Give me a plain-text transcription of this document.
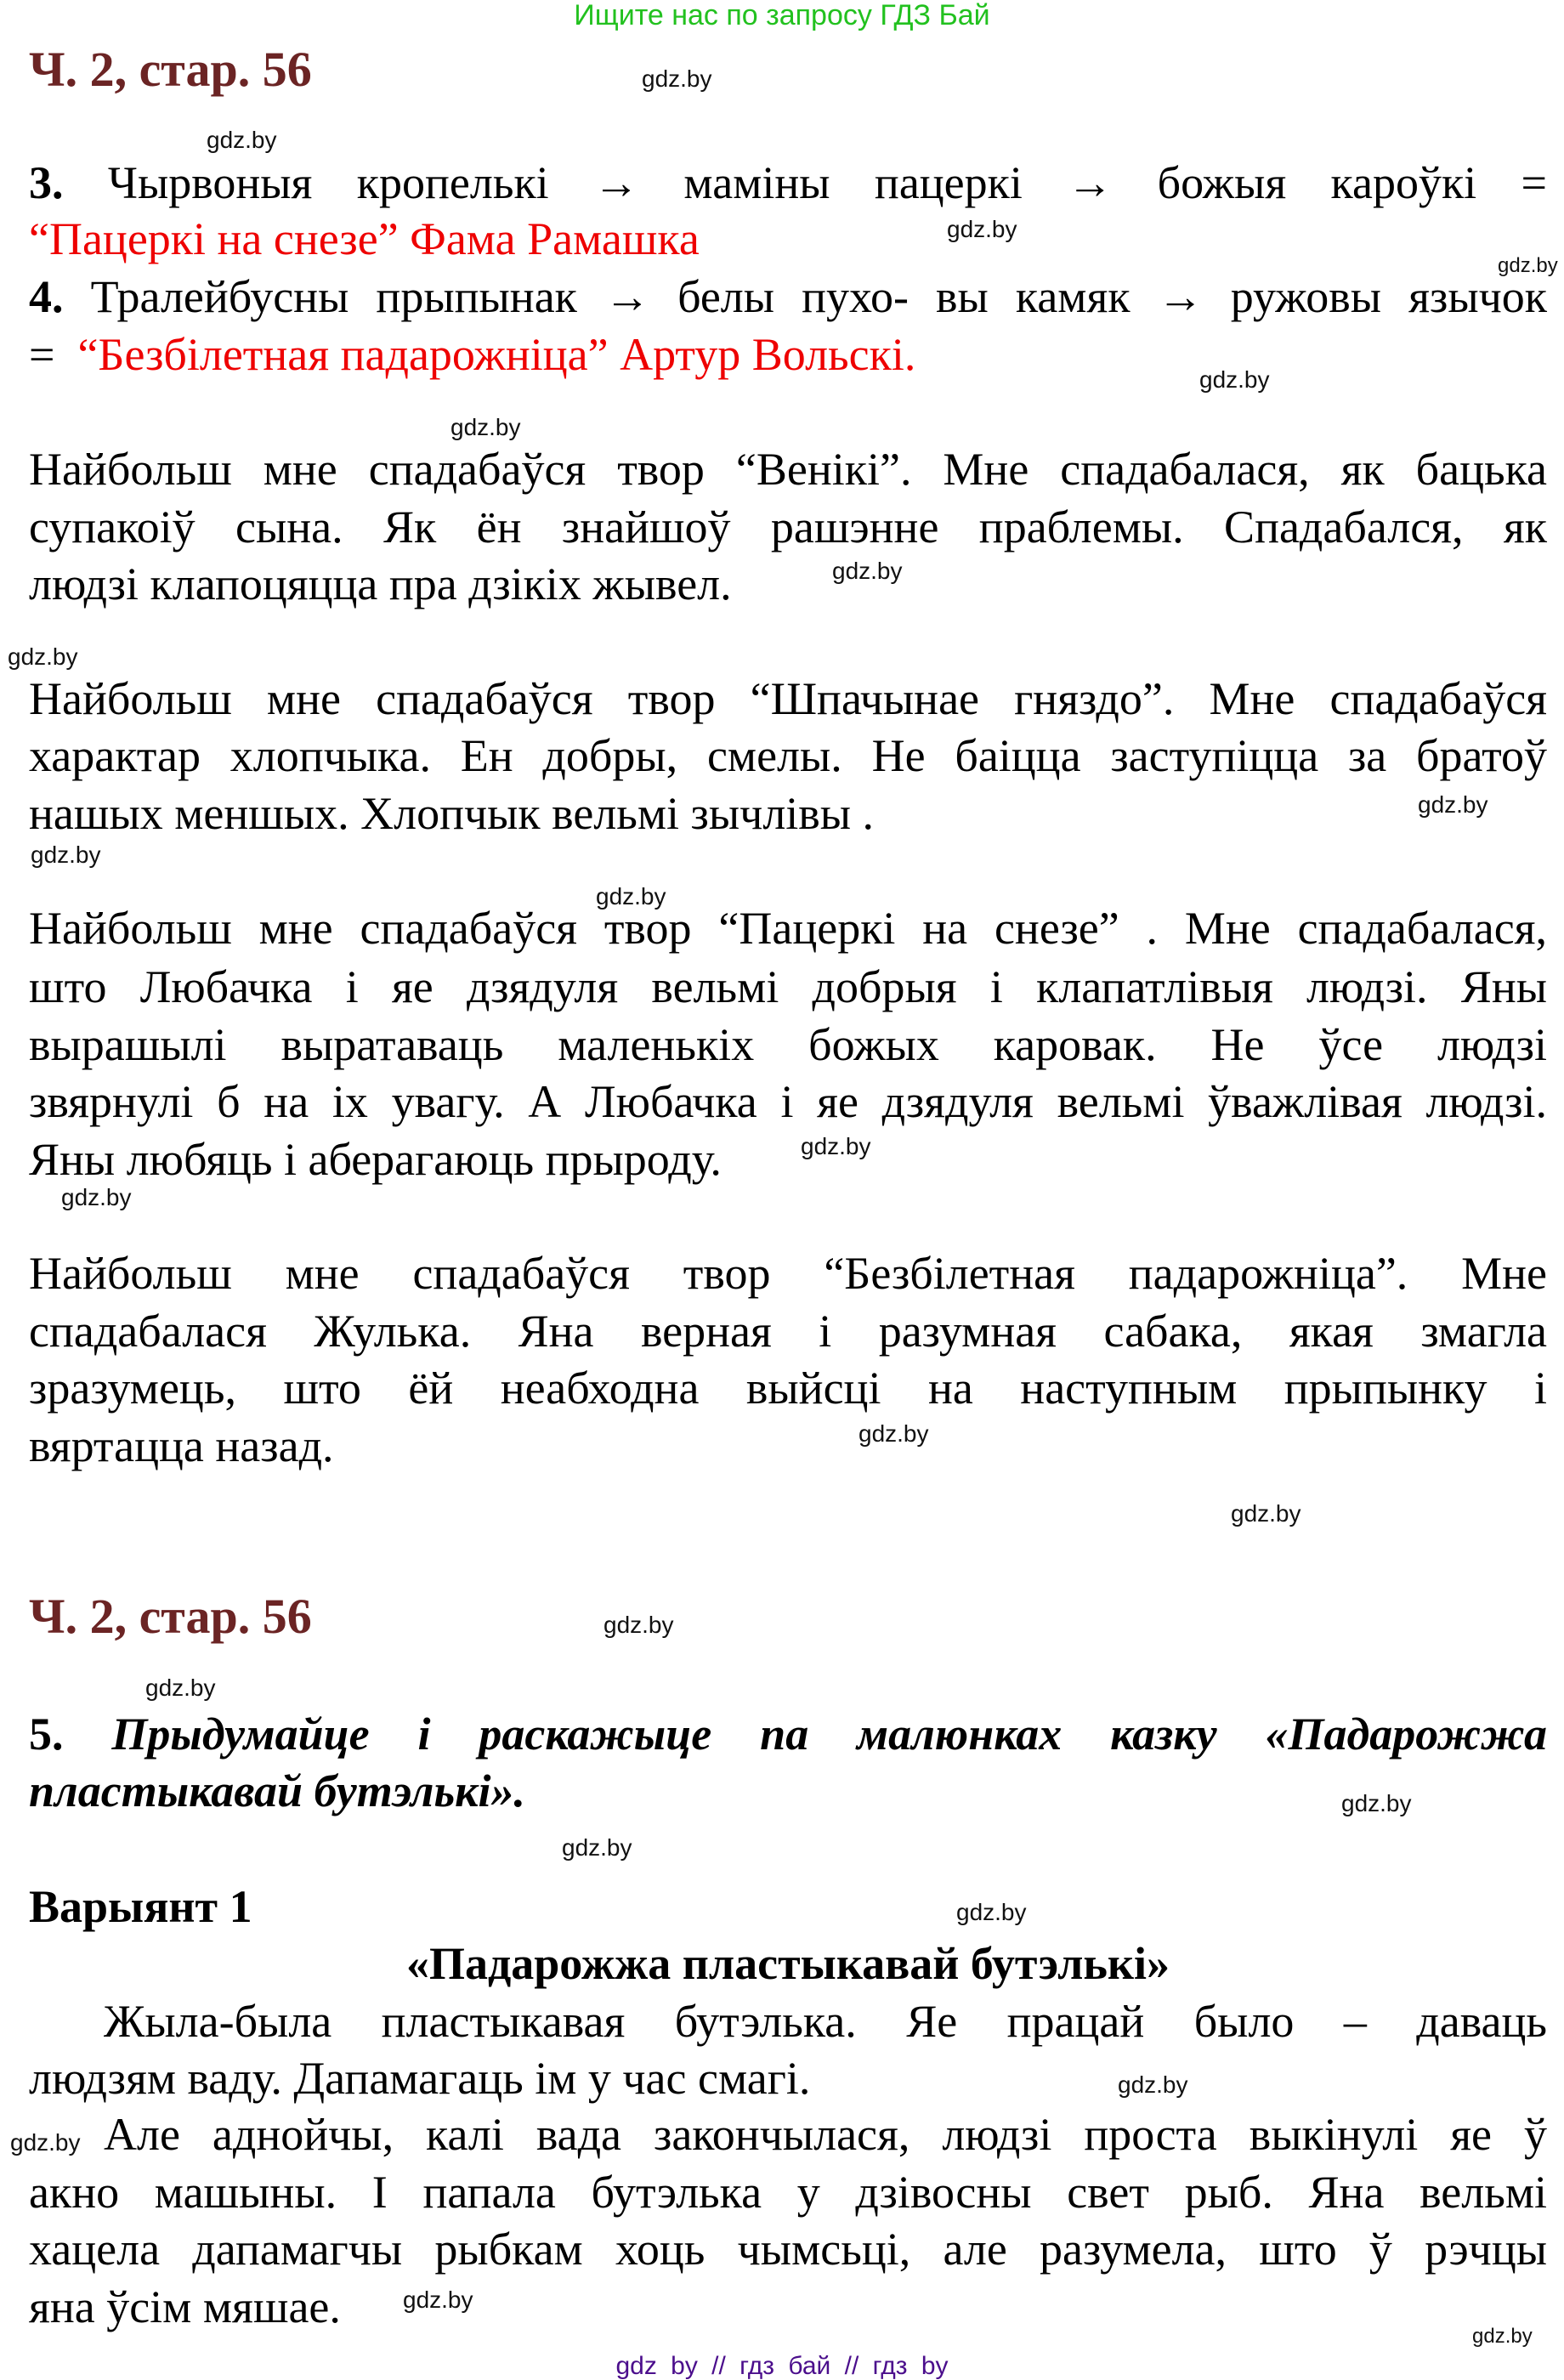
Ищите нас по запросу ГДЗ Бай
Ч. 2, стар. 56	gdz.by
gdz.by
gdz.by
gdz.by
gdz.by
gdz.by
gdz.by
gdz.by
gdz.by
gdz.by
gdz.by
gdz.by
gdz.by
gdz.by
gdz.by
gdz.by
gdz.by
gdz.by
gdz.by
gdz.by
gdz.by
gdz.by
gdz.by
gdz.by
3. Чырвоныя кропелькі → маміны пацеркі → божыя кароўкі =
“Пацеркі на снезе” Фама Рамашка
4. Тралейбусны прыпынак → белы пухо- вы камяк → ружовы язычок
= “Безбілетная падарожніца” Артур Вольскі.
Найбольш мне спадабаўся твор “Венікі”. Мне спадабалася, як бацька
супакоіў сына. Як ён знайшоў рашэнне праблемы. Спадабался, як
людзі клапоцяцца пра дзікіх жывел.
Найбольш мне спадабаўся твор “Шпачынае гняздо”. Мне спадабаўся
характар хлопчыка. Ен добры, смелы. Не баіцца заступіцца за братоў
нашых меншых. Хлопчык вельмі зычлівы .
Найбольш мне спадабаўся твор “Пацеркі на снезе” . Мне спадабалася,
што Любачка і яе дзядуля вельмі добрыя і клапатлівыя людзі. Яны
вырашылі выратаваць маленькіх божых каровак. Не ўсе людзі
звярнулі б на іх увагу. А Любачка і яе дзядуля вельмі ўважлівая людзі.
Яны любяць і аберагаюць прыроду.
Найбольш мне спадабаўся твор “Безбілетная падарожніца”. Мне
спадабалася Жулька. Яна верная і разумная сабака, якая змагла
зразумець, што ёй неабходна выйсці на наступным прыпынку і
вяртацца назад.
Ч. 2, стар. 56
5. Прыдумайце і раскажыце па малюнках казку «Падарожжа
пластыкавай бутэлькі».
Варыянт 1
«Падарожжа пластыкавай бутэлькі»
Жыла-была пластыкавая бутэлька. Яе працай было – даваць
людзям ваду. Дапамагаць ім у час смагі.
Але аднойчы, калі вада закончылася, людзі проста выкінулі яе ў
акно машыны. І папала бутэлька у дзівосны свет рыб. Яна вельмі
хацела дапамагчы рыбкам хоць чымсьці, але разумела, што ў рэчцы
яна ўсім мяшае.
gdz by // гдз бай // гдз by
